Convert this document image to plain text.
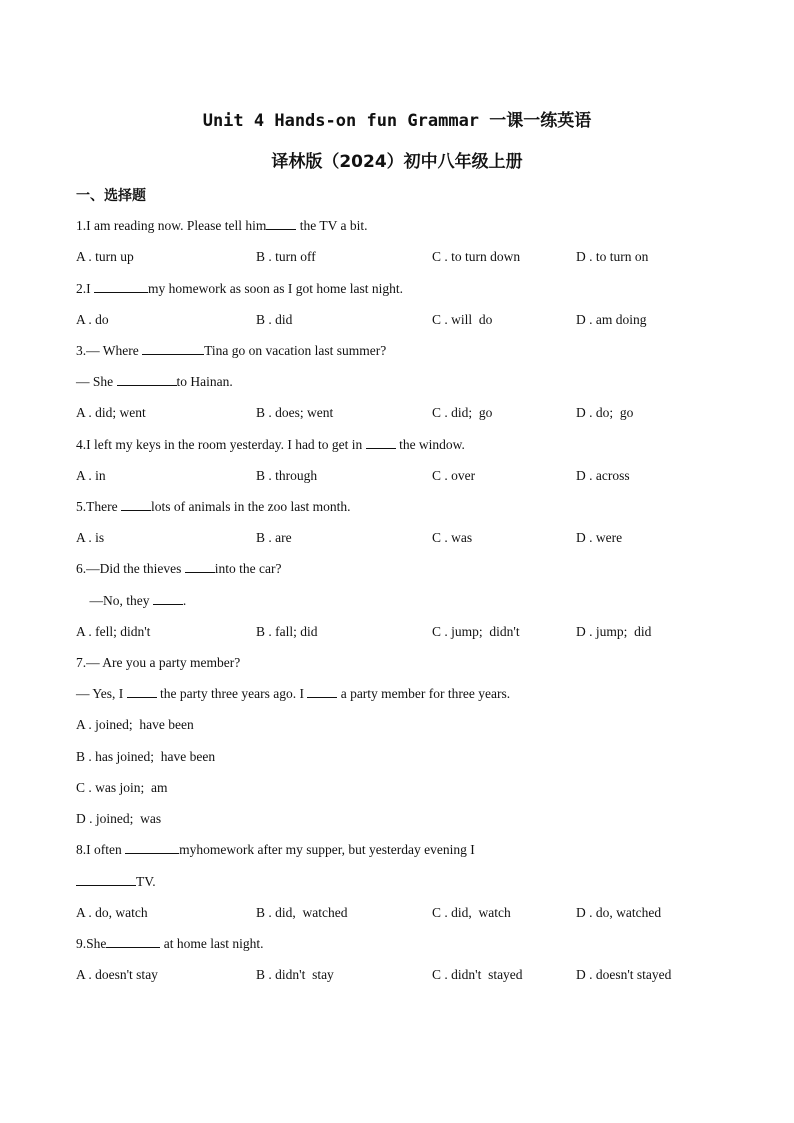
Unit 4 Hands-on fun Grammar 一课一练英语
译林版（2024）初中八年级上册
一、选择题
1.I am reading now. Please tell him the TV a bit.
A . turn up	B . turn off	C . to turn down	D . to turn on
2.I	my homework as soon as I got home last night.
A . do	B . did	C . will  do	D . am doing
3.— Where	Tina go on vacation last summer?
— She	to Hainan.
A . did; went	B . does; went	C . did;  go	D . do;  go
4.I left my keys in the room yesterday. I had to get in  the window.
A . in	B . through	C . over	D . across
5.There lots of animals in the zoo last month.
A . is	B . are	C . was	D . were
6.—Did the thieves into the car?
—No, they .
A . fell; didn't	B . fall; did	C . jump;  didn't	D . jump;  did
7.— Are you a party member?
— Yes, I  the party three years ago. I  a party member for three years.
A . joined;  have been
B . has joined;  have been
C . was join;  am
D . joined;  was
8.I often	myhomework after my supper, but yesterday evening I
TV.
A . do, watch	B . did,  watched	C . did,  watch	D . do, watched
9.She	at home last night.
A . doesn't stay	B . didn't  stay	C . didn't  stayed	D . doesn't stayed
